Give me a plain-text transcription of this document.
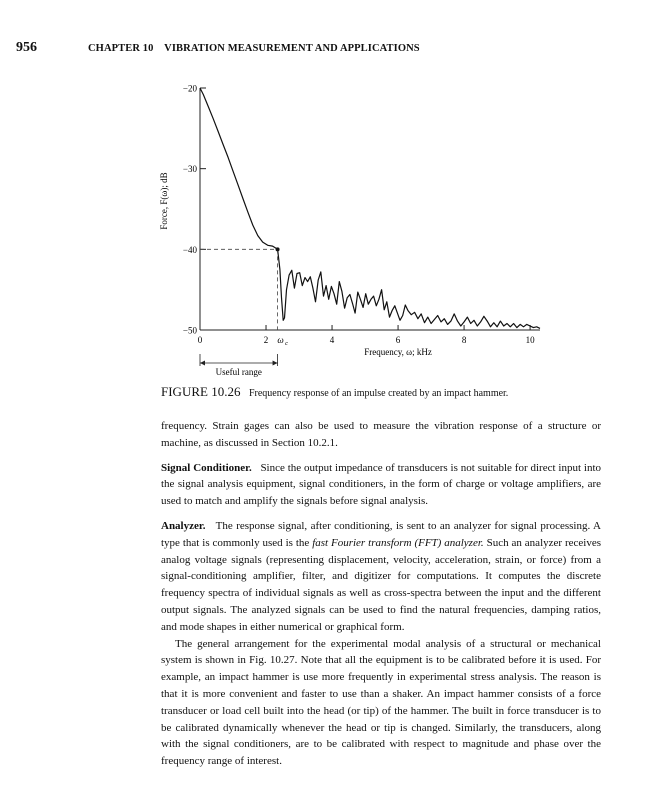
956	CHAPTER 10    VIBRATION MEASUREMENT AND APPLICATIONS
−20
−30
−40
−50
0	2	4	6	8	10
ω c
Frequency, ω; kHz
Force, F(ω); dB
Useful range
FIGURE 10.26 Frequency response of an impulse created by an impact hammer.

frequency. Strain gages can also be used to measure the vibration response of a structure or machine, as discussed in Section 10.2.1.

Signal Conditioner. Since the output impedance of transducers is not suitable for direct input into the signal analysis equipment, signal conditioners, in the form of charge or voltage amplifiers, are used to match and amplify the signals before signal analysis.

Analyzer. The response signal, after conditioning, is sent to an analyzer for signal processing. A type that is commonly used is the fast Fourier transform (FFT) analyzer. Such an analyzer receives analog voltage signals (representing displacement, velocity, acceleration, strain, or force) from a signal-conditioning amplifier, filter, and digitizer for computations. It computes the discrete frequency spectra of individual signals as well as cross-spectra between the input and the different output signals. The analyzed signals can be used to find the natural frequencies, damping ratios, and mode shapes in either numerical or graphical form.

The general arrangement for the experimental modal analysis of a structural or mechanical system is shown in Fig. 10.27. Note that all the equipment is to be calibrated before it is used. For example, an impact hammer is use more frequently in experimental stress analysis. The reason is that it is more convenient and faster to use than a shaker. An impact hammer consists of a force transducer or load cell built into the head (or tip) of the hammer. The built in force transducer is to be calibrated dynamically whenever the head or tip is changed. Similarly, the transducers, along with the signal conditioners, are to be calibrated with respect to magnitude and phase over the frequency range of interest.
